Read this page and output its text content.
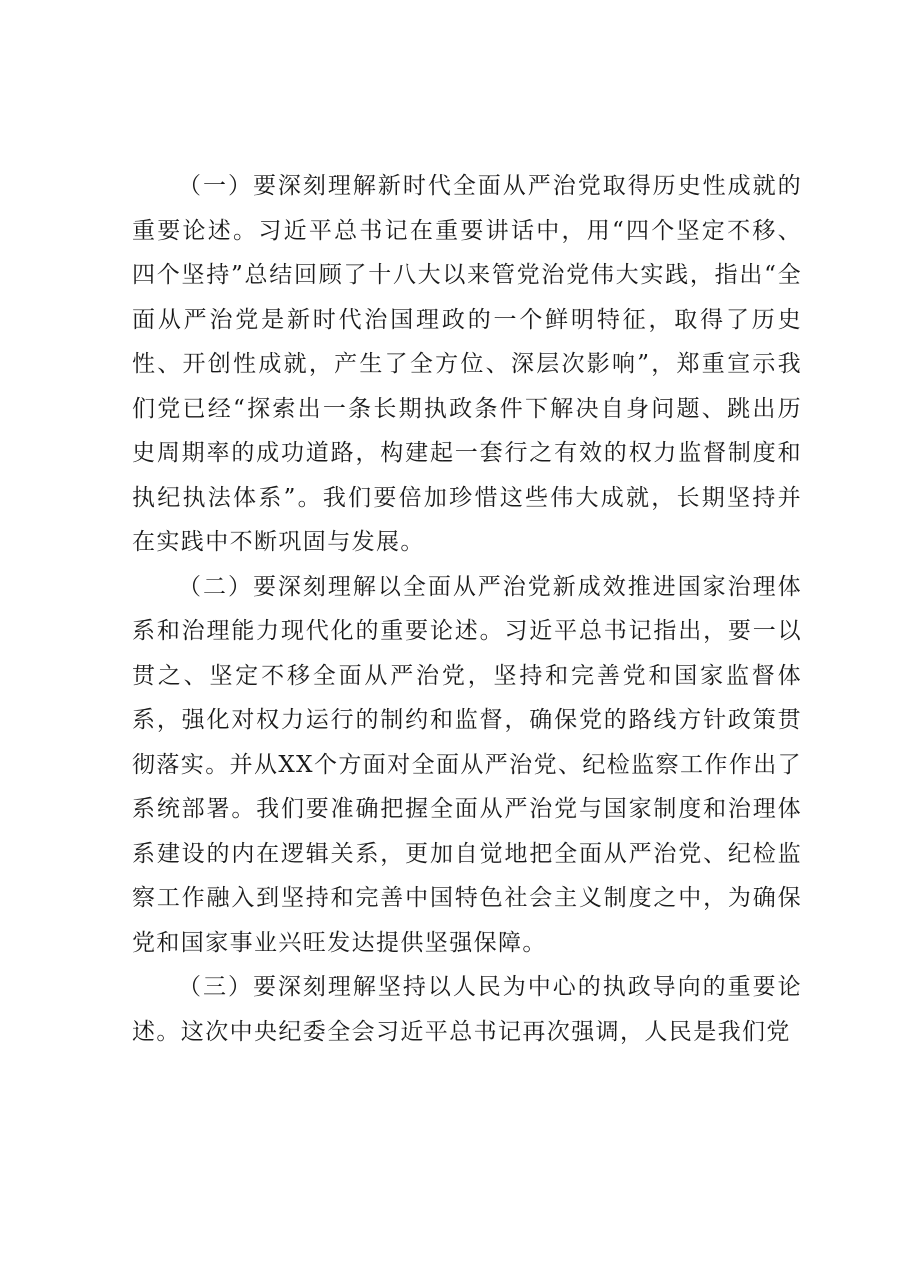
（一）要深刻理解新时代全面从严治党取得历史性成就的重要论述。习近平总书记在重要讲话中，用“四个坚定不移、四个坚持”总结回顾了十八大以来管党治党伟大实践，指出“全面从严治党是新时代治国理政的一个鲜明特征，取得了历史性、开创性成就，产生了全方位、深层次影响”，郑重宣示我们党已经“探索出一条长期执政条件下解决自身问题、跳出历史周期率的成功道路，构建起一套行之有效的权力监督制度和执纪执法体系”。我们要倍加珍惜这些伟大成就，长期坚持并在实践中不断巩固与发展。

（二）要深刻理解以全面从严治党新成效推进国家治理体系和治理能力现代化的重要论述。习近平总书记指出，要一以贯之、坚定不移全面从严治党，坚持和完善党和国家监督体系，强化对权力运行的制约和监督，确保党的路线方针政策贯彻落实。并从XX个方面对全面从严治党、纪检监察工作作出了系统部署。我们要准确把握全面从严治党与国家制度和治理体系建设的内在逻辑关系，更加自觉地把全面从严治党、纪检监察工作融入到坚持和完善中国特色社会主义制度之中，为确保党和国家事业兴旺发达提供坚强保障。

（三）要深刻理解坚持以人民为中心的执政导向的重要论述。这次中央纪委全会习近平总书记再次强调，人民是我们党
